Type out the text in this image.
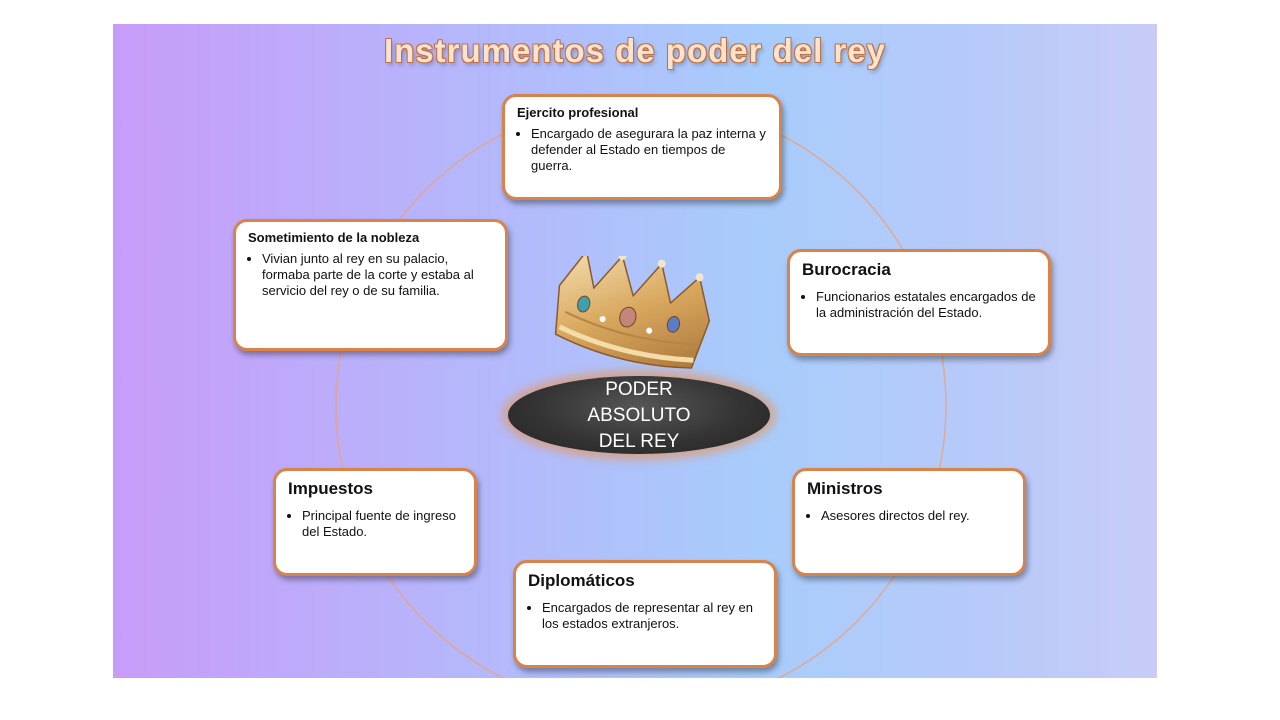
Instrumentos de poder del rey
Ejercito profesional
• Encargado de asegurara la paz interna y defender al Estado en tiempos de guerra.
Sometimiento de la nobleza
• Vivian junto al rey en su palacio, formaba parte de la corte y estaba al servicio del rey o de su familia.
Burocracia
• Funcionarios estatales encargados de la administración del Estado.
Impuestos
• Principal fuente de ingreso del Estado.
Ministros
• Asesores directos del rey.
Diplomáticos
• Encargados de representar al rey en los estados extranjeros.
PODER
ABSOLUTO
DEL REY
